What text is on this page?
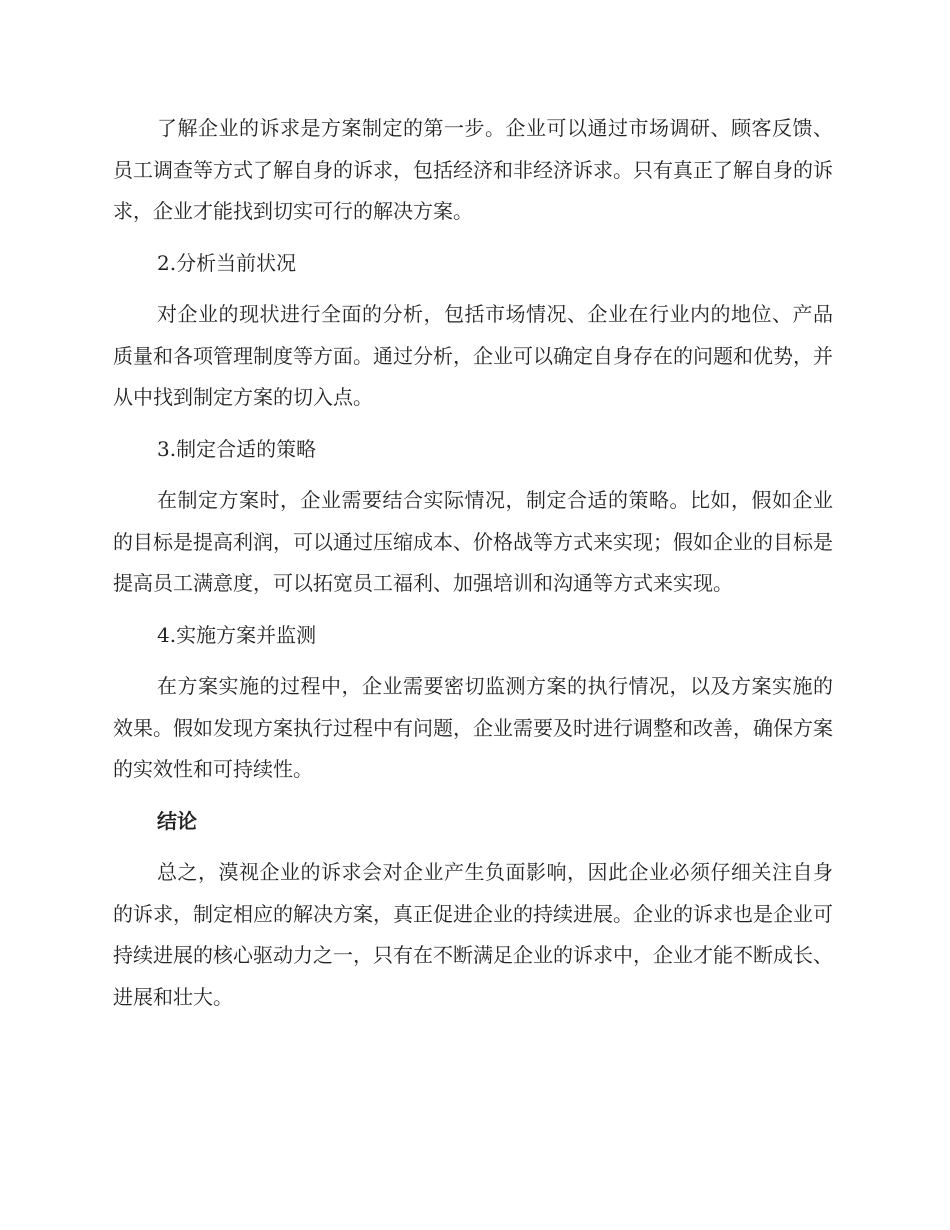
了解企业的诉求是方案制定的第一步。企业可以通过市场调研、顾客反馈、员工调查等方式了解自身的诉求，包括经济和非经济诉求。只有真正了解自身的诉求，企业才能找到切实可行的解决方案。

2.分析当前状况

对企业的现状进行全面的分析，包括市场情况、企业在行业内的地位、产品质量和各项管理制度等方面。通过分析，企业可以确定自身存在的问题和优势，并从中找到制定方案的切入点。

3.制定合适的策略

在制定方案时，企业需要结合实际情况，制定合适的策略。比如，假如企业的目标是提高利润，可以通过压缩成本、价格战等方式来实现；假如企业的目标是提高员工满意度，可以拓宽员工福利、加强培训和沟通等方式来实现。

4.实施方案并监测

在方案实施的过程中，企业需要密切监测方案的执行情况，以及方案实施的效果。假如发现方案执行过程中有问题，企业需要及时进行调整和改善，确保方案的实效性和可持续性。

结论

总之，漠视企业的诉求会对企业产生负面影响，因此企业必须仔细关注自身的诉求，制定相应的解决方案，真正促进企业的持续进展。企业的诉求也是企业可持续进展的核心驱动力之一，只有在不断满足企业的诉求中，企业才能不断成长、进展和壮大。
